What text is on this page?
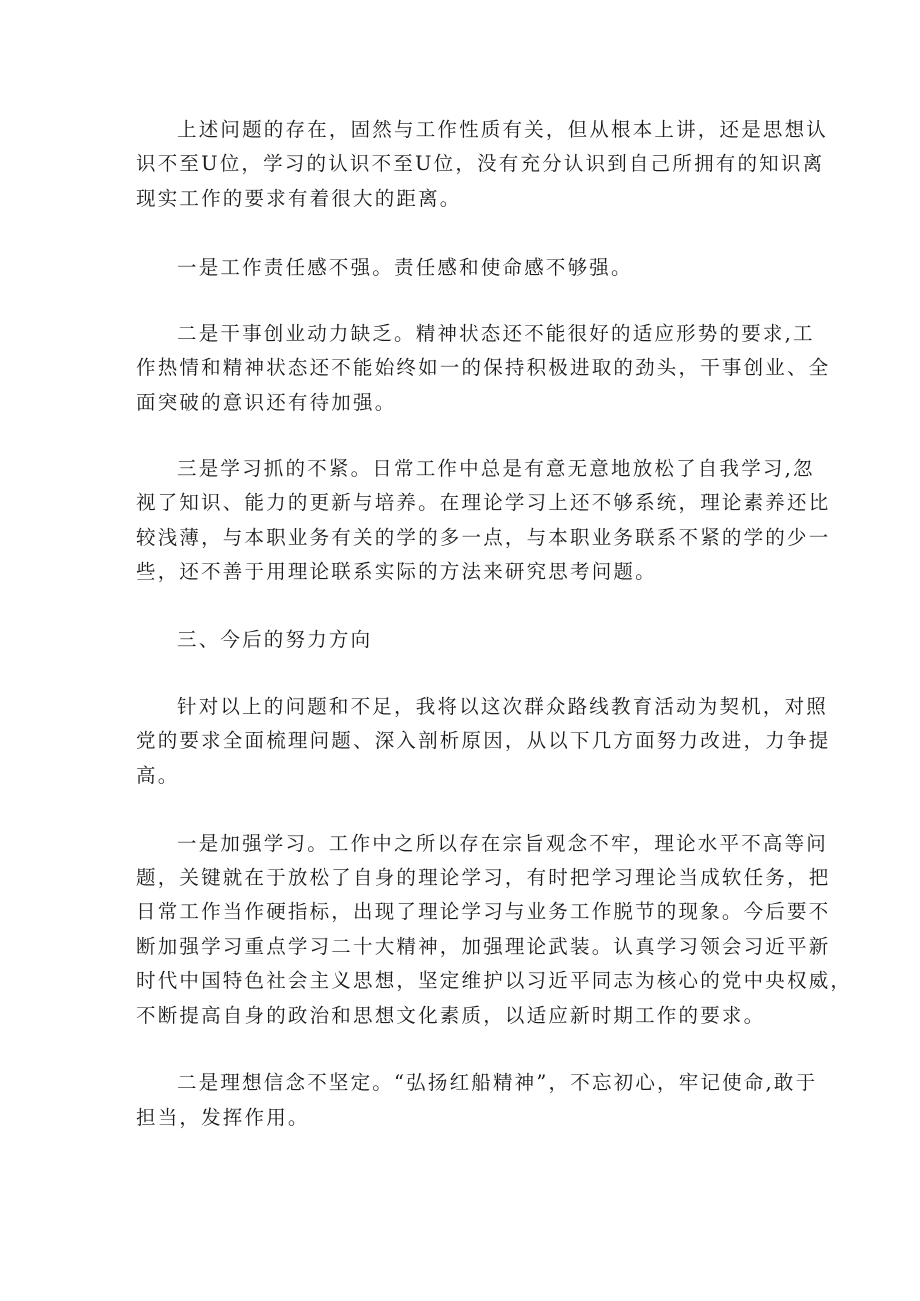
上述问题的存在，固然与工作性质有关，但从根本上讲，还是思想认
识不至U位，学习的认识不至U位，没有充分认识到自己所拥有的知识离
现实工作的要求有着很大的距离。
一是工作责任感不强。责任感和使命感不够强。
二是干事创业动力缺乏。精神状态还不能很好的适应形势的要求,工
作热情和精神状态还不能始终如一的保持积极进取的劲头，干事创业、全
面突破的意识还有待加强。
三是学习抓的不紧。日常工作中总是有意无意地放松了自我学习,忽
视了知识、能力的更新与培养。在理论学习上还不够系统，理论素养还比
较浅薄，与本职业务有关的学的多一点，与本职业务联系不紧的学的少一
些，还不善于用理论联系实际的方法来研究思考问题。
三、今后的努力方向
针对以上的问题和不足，我将以这次群众路线教育活动为契机，对照
党的要求全面梳理问题、深入剖析原因，从以下几方面努力改进，力争提
高。
一是加强学习。工作中之所以存在宗旨观念不牢，理论水平不高等问
题，关键就在于放松了自身的理论学习，有时把学习理论当成软任务，把
日常工作当作硬指标，出现了理论学习与业务工作脱节的现象。今后要不
断加强学习重点学习二十大精神，加强理论武装。认真学习领会习近平新
时代中国特色社会主义思想，坚定维护以习近平同志为核心的党中央权威，
不断提高自身的政治和思想文化素质，以适应新时期工作的要求。
二是理想信念不坚定。“弘扬红船精神”，不忘初心，牢记使命,敢于
担当，发挥作用。
